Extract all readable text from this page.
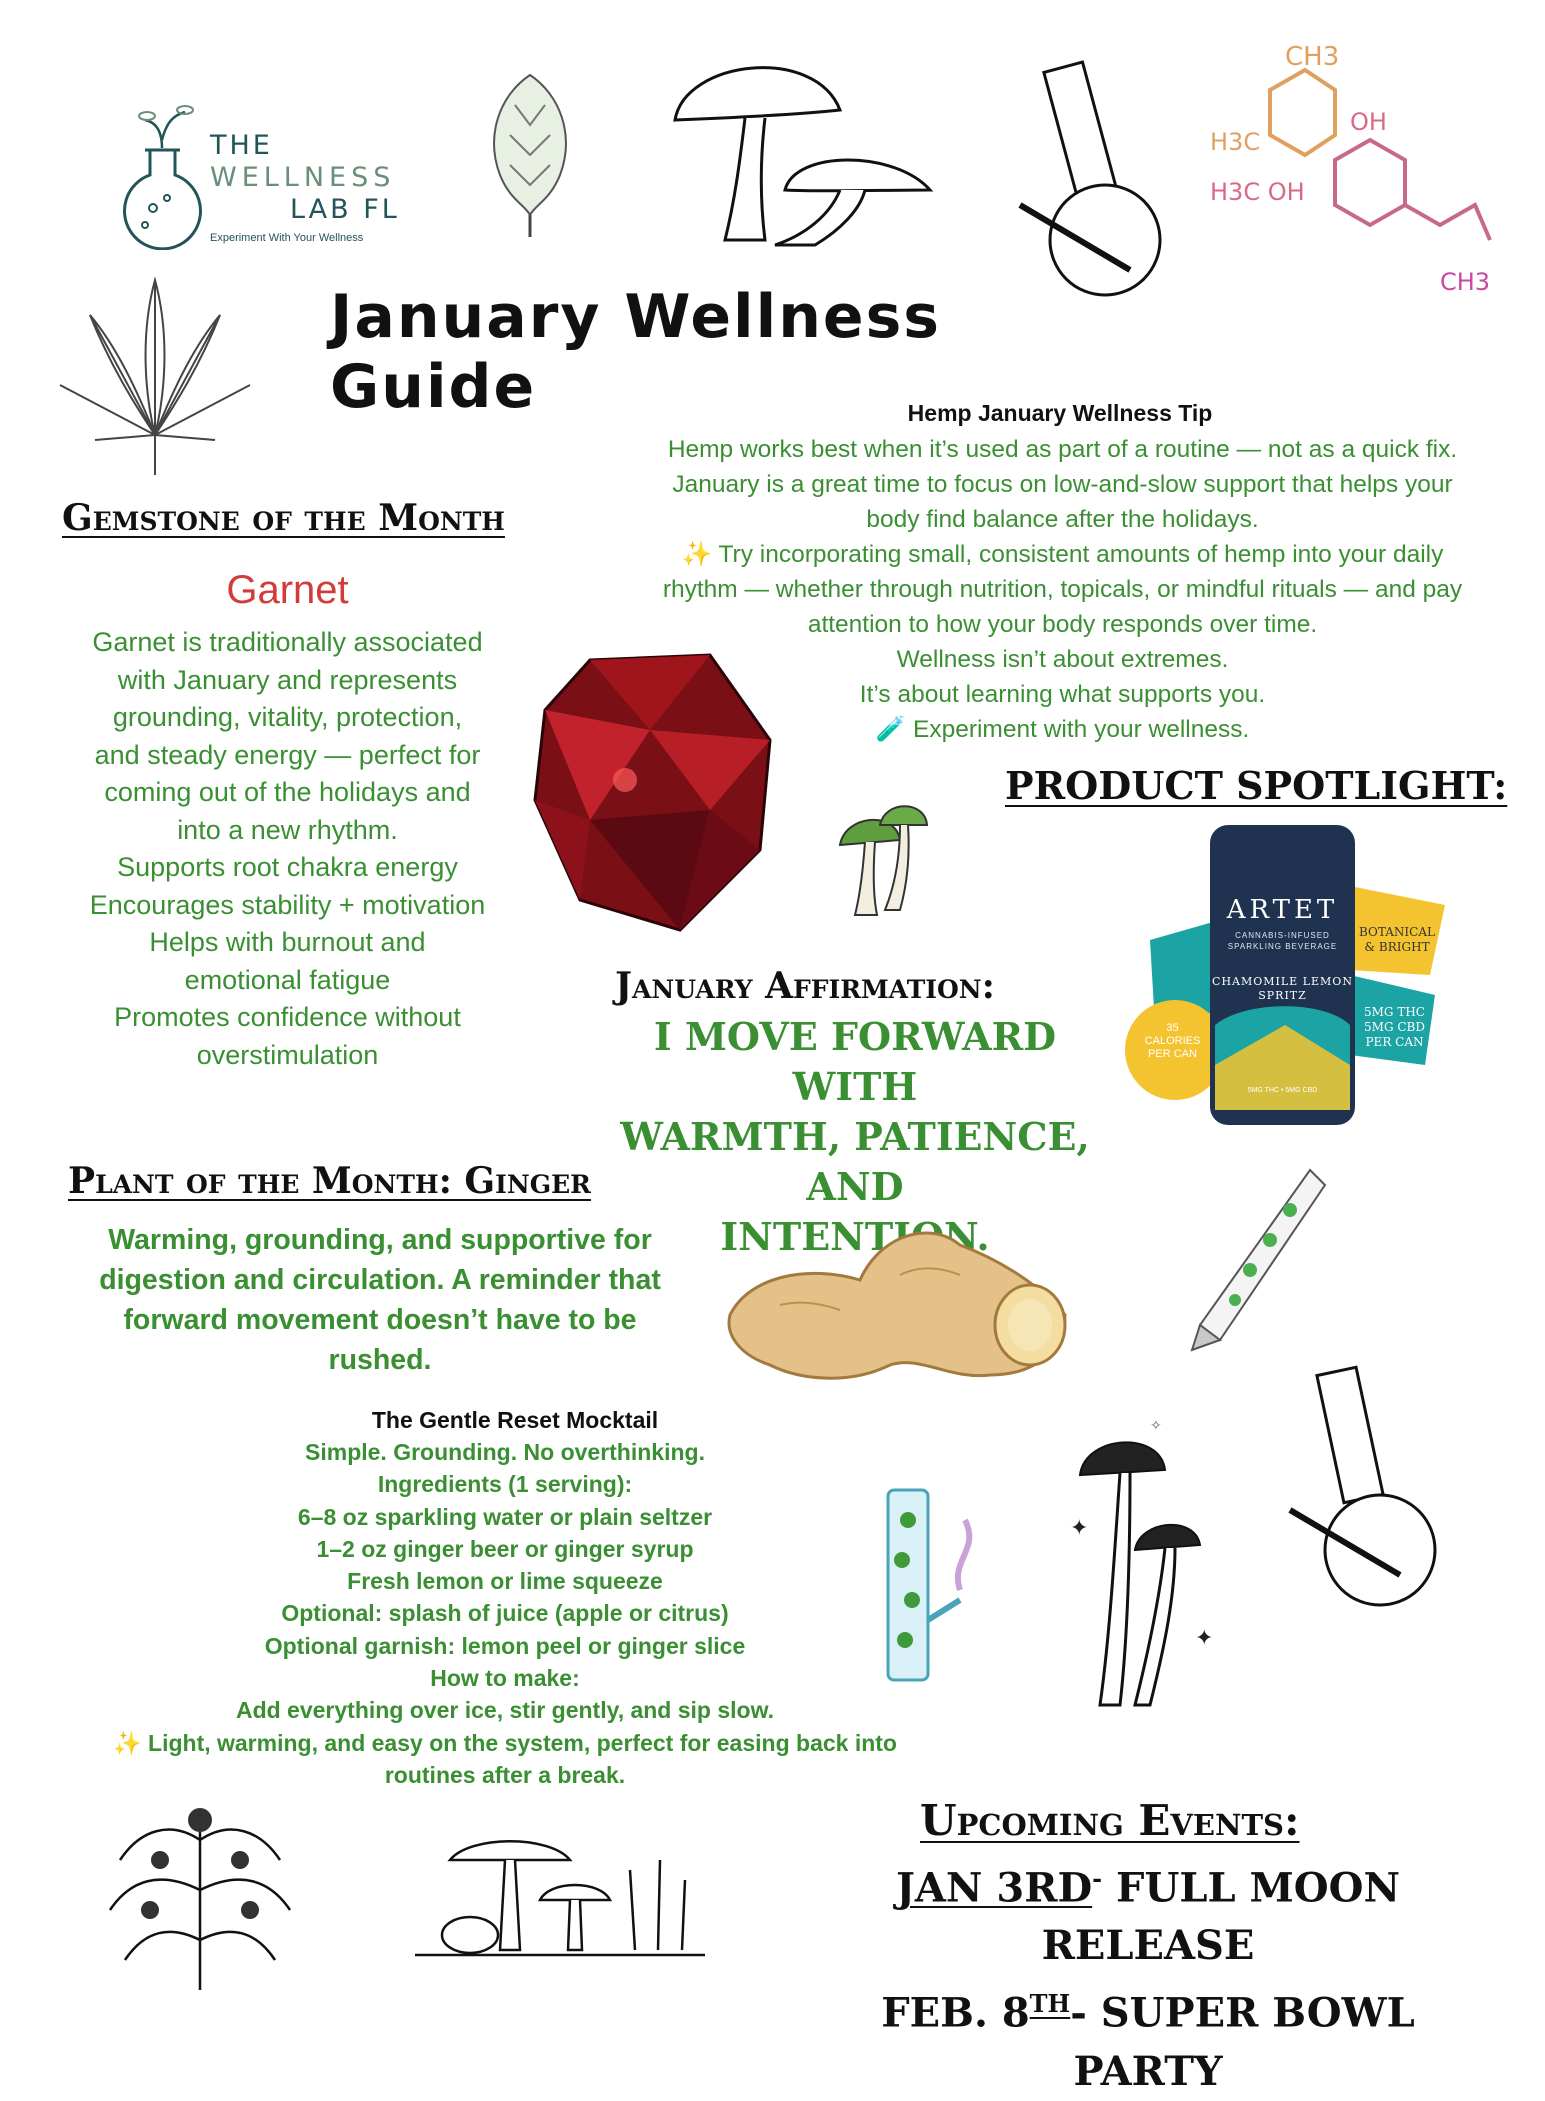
THE
WELLNESS
LAB FL
Experiment With Your Wellness
CH3
H3C
H3C OH
OH
CH3
January Wellness Guide	Hemp January Wellness Tip
Hemp works best when it’s used as part of a routine — not as a quick fix.
January is a great time to focus on low-and-slow support that helps your
body find balance after the holidays.
✨ Try incorporating small, consistent amounts of hemp into your daily
rhythm — whether through nutrition, topicals, or mindful rituals — and pay
attention to how your body responds over time.
Wellness isn’t about extremes.
It’s about learning what supports you.
🧪 Experiment with your wellness.
Gemstone of the Month
Garnet
Garnet is traditionally associated
with January and represents
grounding, vitality, protection,
and steady energy — perfect for
coming out of the holidays and
into a new rhythm.
Supports root chakra energy
Encourages stability + motivation
Helps with burnout and
emotional fatigue
Promotes confidence without
overstimulation
PRODUCT SPOTLIGHT:
ARTET
CANNABIS-INFUSED
SPARKLING BEVERAGE
CHAMOMILE LEMON
SPRITZ
5MG THC • 5MG CBD
BOTANICAL
& BRIGHT
5MG THC
5MG CBD
PER CAN
35
CALORIES
PER CAN
January Affirmation:
I MOVE FORWARD WITH
WARMTH, PATIENCE, AND
INTENTION.
Plant of the Month: Ginger
Warming, grounding, and supportive for
digestion and circulation. A reminder that
forward movement doesn’t have to be
rushed.
The Gentle Reset Mocktail
Simple. Grounding. No overthinking.
Ingredients (1 serving):
6–8 oz sparkling water or plain seltzer
1–2 oz ginger beer or ginger syrup
Fresh lemon or lime squeeze
Optional: splash of juice (apple or citrus)
Optional garnish: lemon peel or ginger slice
How to make:
Add everything over ice, stir gently, and sip slow.
✨ Light, warming, and easy on the system, perfect for easing back into
routines after a break.
✦
✦
✧
Upcoming Events:
JAN 3RD- FULL MOON RELEASE
FEB. 8TH- SUPER BOWL PARTY
